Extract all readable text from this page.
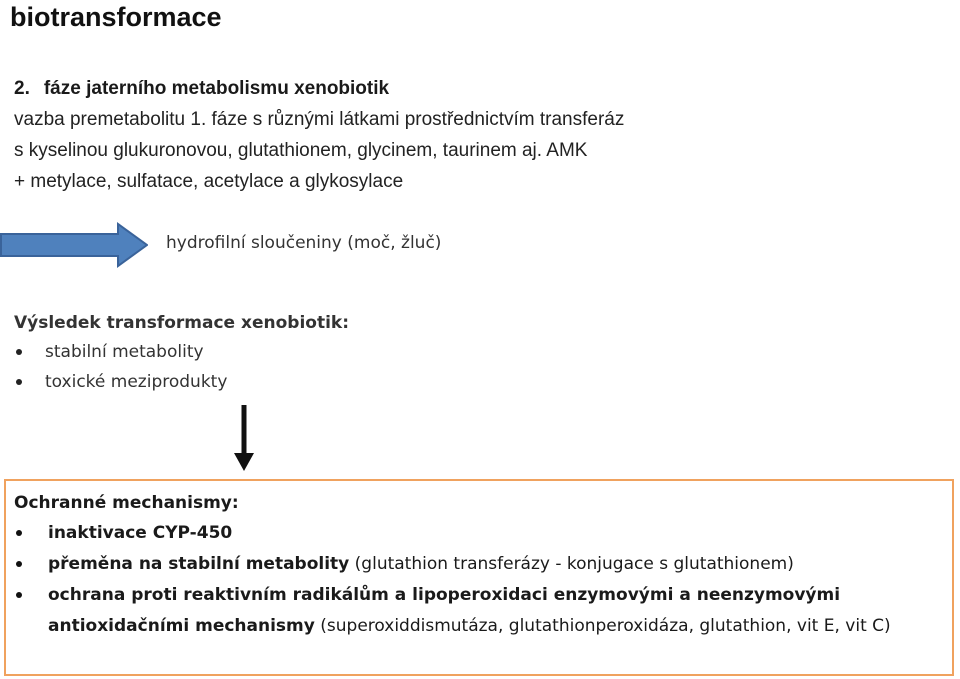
biotransformace
2. fáze jaterního metabolismu xenobiotik
vazba premetabolitu 1. fáze s různými látkami prostřednictvím transferáz
s kyselinou glukuronovou, glutathionem, glycinem, taurinem aj. AMK
+ metylace, sulfatace, acetylace a glykosylace
hydrofilní sloučeniny (moč, žluč)
Výsledek transformace xenobiotik:
stabilní metabolity
toxické meziprodukty
Ochranné mechanismy:
inaktivace CYP-450
přeměna na stabilní metabolity (glutathion transferázy - konjugace s glutathionem)
ochrana proti reaktivním radikálům a lipoperoxidaci enzymovými a neenzymovými antioxidačními mechanismy (superoxiddismutáza, glutathionperoxidáza, glutathion, vit E, vit C)
